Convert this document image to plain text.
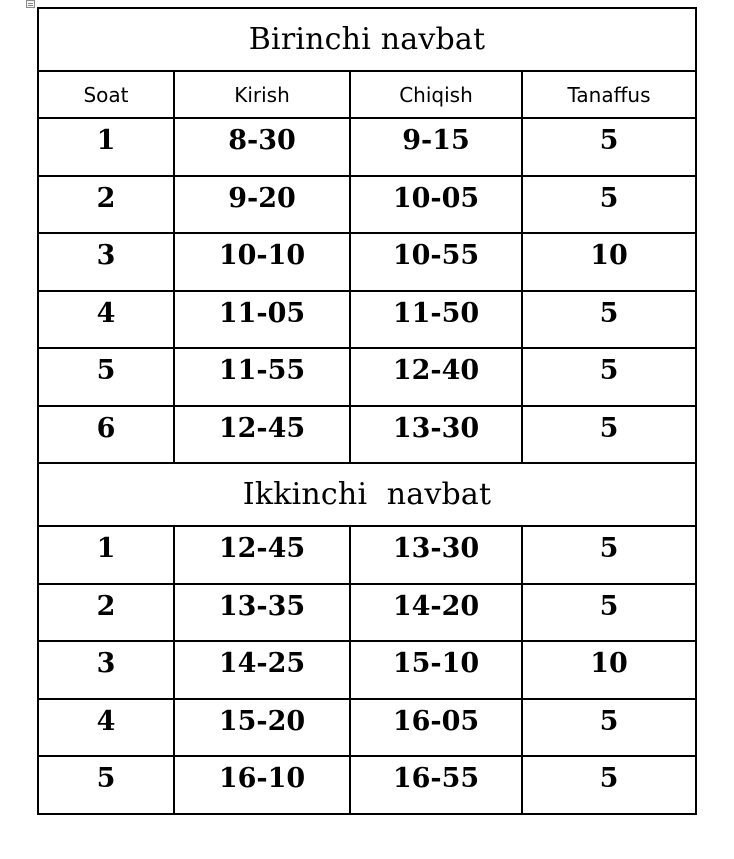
Birinchi navbat			
Soat	Kirish	Chiqish	Tanaffus
1	8-30	9-15	5
2	9-20	10-05	5
3	10-10	10-55	10
4	11-05	11-50	5
5	11-55	12-40	5
6	12-45	13-30	5
Ikkinchi  navbat			
1	12-45	13-30	5
2	13-35	14-20	5
3	14-25	15-10	10
4	15-20	16-05	5
5	16-10	16-55	5
